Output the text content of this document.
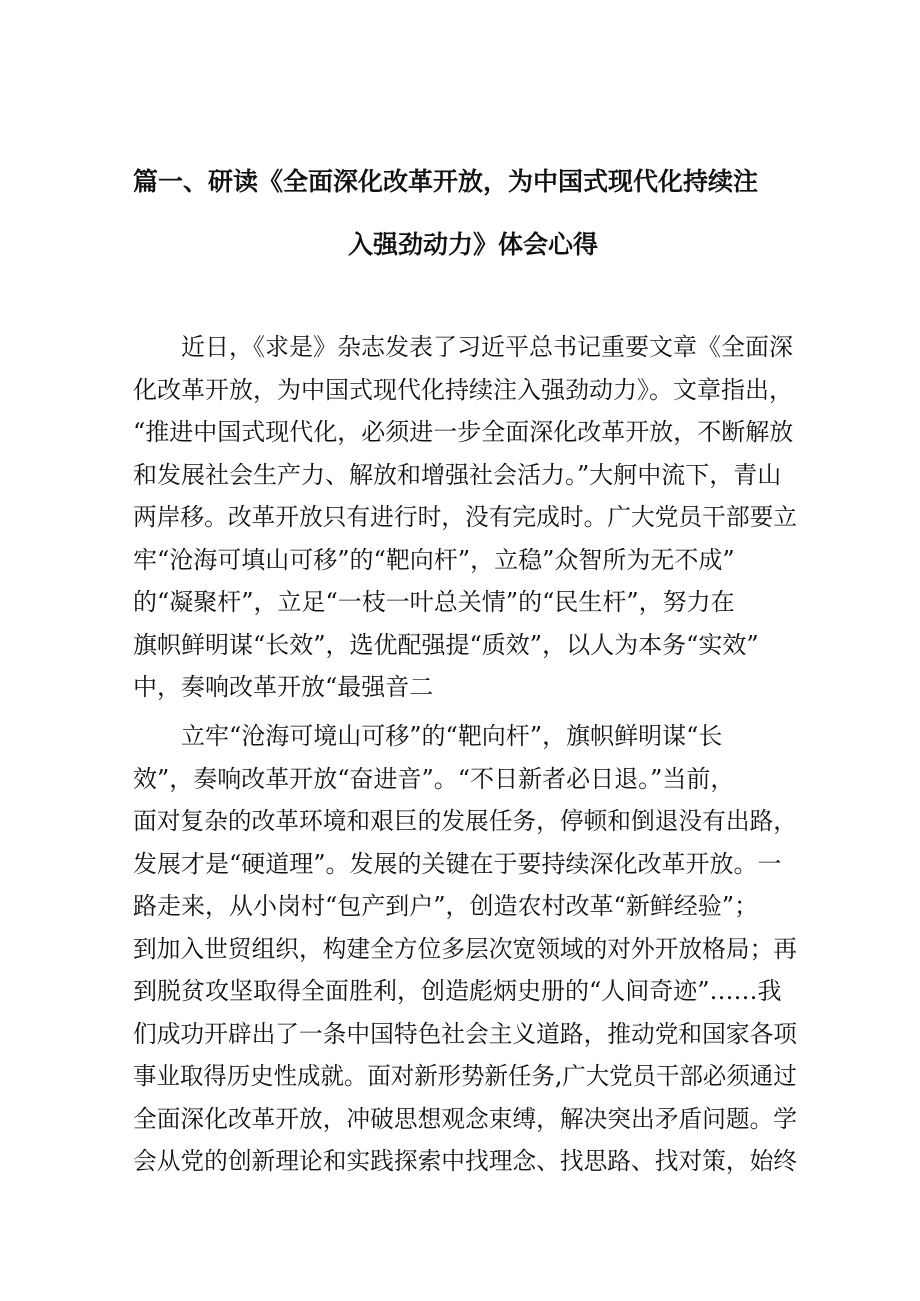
篇一、研读《全面深化改革开放，为中国式现代化持续注
入强劲动力》体会心得
近日，《求是》杂志发表了习近平总书记重要文章《全面深
化改革开放，为中国式现代化持续注入强劲动力》。文章指出，
“推进中国式现代化，必须进一步全面深化改革开放，不断解放
和发展社会生产力、解放和增强社会活力。”大舸中流下，青山
两岸移。改革开放只有进行时，没有完成时。广大党员干部要立
牢“沧海可填山可移”的“靶向杆”，立稳”众智所为无不成”
的“凝聚杆”，立足“一枝一叶总关情”的“民生杆”，努力在
旗帜鲜明谋“长效”，选优配强提“质效”，以人为本务“实效”
中，奏响改革开放“最强音二
立牢“沧海可境山可移”的“靶向杆”，旗帜鲜明谋“长
效”，奏响改革开放“奋进音”。“不日新者必日退。”当前，
面对复杂的改革环境和艰巨的发展任务，停顿和倒退没有出路，
发展才是“硬道理”。发展的关键在于要持续深化改革开放。一
路走来，从小岗村“包产到户”，创造农村改革“新鲜经验”；
到加入世贸组织，构建全方位多层次宽领域的对外开放格局；再
到脱贫攻坚取得全面胜利，创造彪炳史册的“人间奇迹”……我
们成功开辟出了一条中国特色社会主义道路，推动党和国家各项
事业取得历史性成就。面对新形势新任务,广大党员干部必须通过
全面深化改革开放，冲破思想观念束缚，解决突出矛盾问题。学
会从党的创新理论和实践探索中找理念、找思路、找对策，始终
